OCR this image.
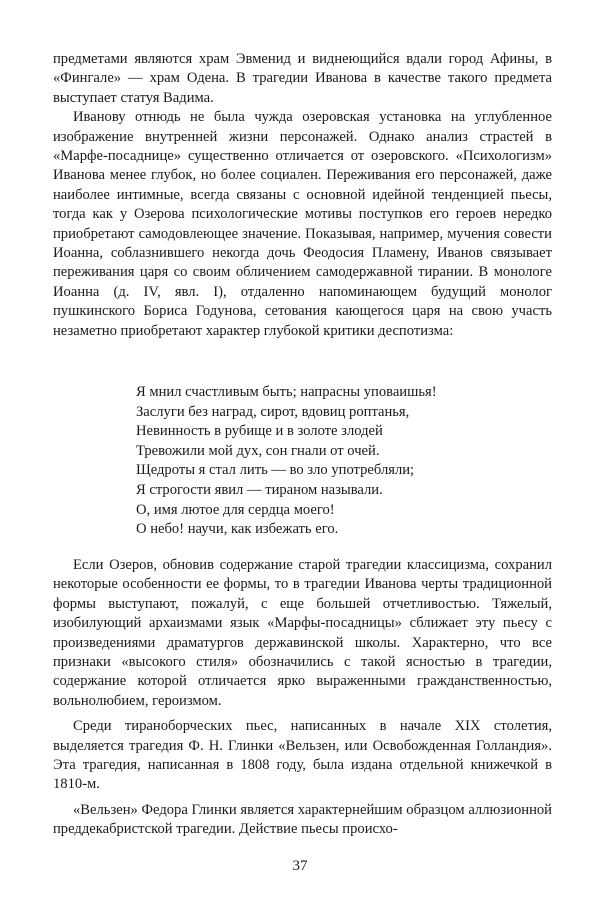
предметами являются храм Эвменид и виднеющийся вдали город Афины, в «Фингале» — храм Одена. В трагедии Иванова в качестве такого предмета выступает статуя Вадима.

Иванову отнюдь не была чужда озеровская установка на углубленное изображение внутренней жизни персонажей. Однако анализ страстей в «Марфе-посаднице» существенно отличается от озеровского. «Психологизм» Иванова менее глубок, но более социален. Переживания его персонажей, даже наиболее интимные, всегда связаны с основной идейной тенденцией пьесы, тогда как у Озерова психологические мотивы поступков его героев нередко приобретают самодовлеющее значение. Показывая, например, мучения совести Иоанна, соблазнившего некогда дочь Феодосия Пламену, Иванов связывает переживания царя со своим обличением самодержавной тирании. В монологе Иоанна (д. IV, явл. I), отдаленно напоминающем будущий монолог пушкинского Бориса Годунова, сетования кающегося царя на свою участь незаметно приобретают характер глубокой критики деспотизма:

Я мнил счастливым быть; напрасны уповаишья!
Заслуги без наград, сирот, вдовиц роптанья,
Невинность в рубище и в золоте злодей
Тревожили мой дух, сон гнали от очей.
Щедроты я стал лить — во зло употребляли;
Я строгости явил — тираном называли.
О, имя лютое для сердца моего!
О небо! научи, как избежать его.

Если Озеров, обновив содержание старой трагедии классицизма, сохранил некоторые особенности ее формы, то в трагедии Иванова черты традиционной формы выступают, пожалуй, с еще большей отчетливостью. Тяжелый, изобилующий архаизмами язык «Марфы-посадницы» сближает эту пьесу с произведениями драматургов державинской школы. Характерно, что все признаки «высокого стиля» обозначились с такой ясностью в трагедии, содержание которой отличается ярко выраженными гражданственностью, вольнолюбием, героизмом.

Среди тираноборческих пьес, написанных в начале XIX столетия, выделяется трагедия Ф. Н. Глинки «Вельзен, или Освобожденная Голландия». Эта трагедия, написанная в 1808 году, была издана отдельной книжечкой в 1810-м.

«Вельзен» Федора Глинки является характернейшим образцом аллюзионной преддекабристской трагедии. Действие пьесы происхо-

37
